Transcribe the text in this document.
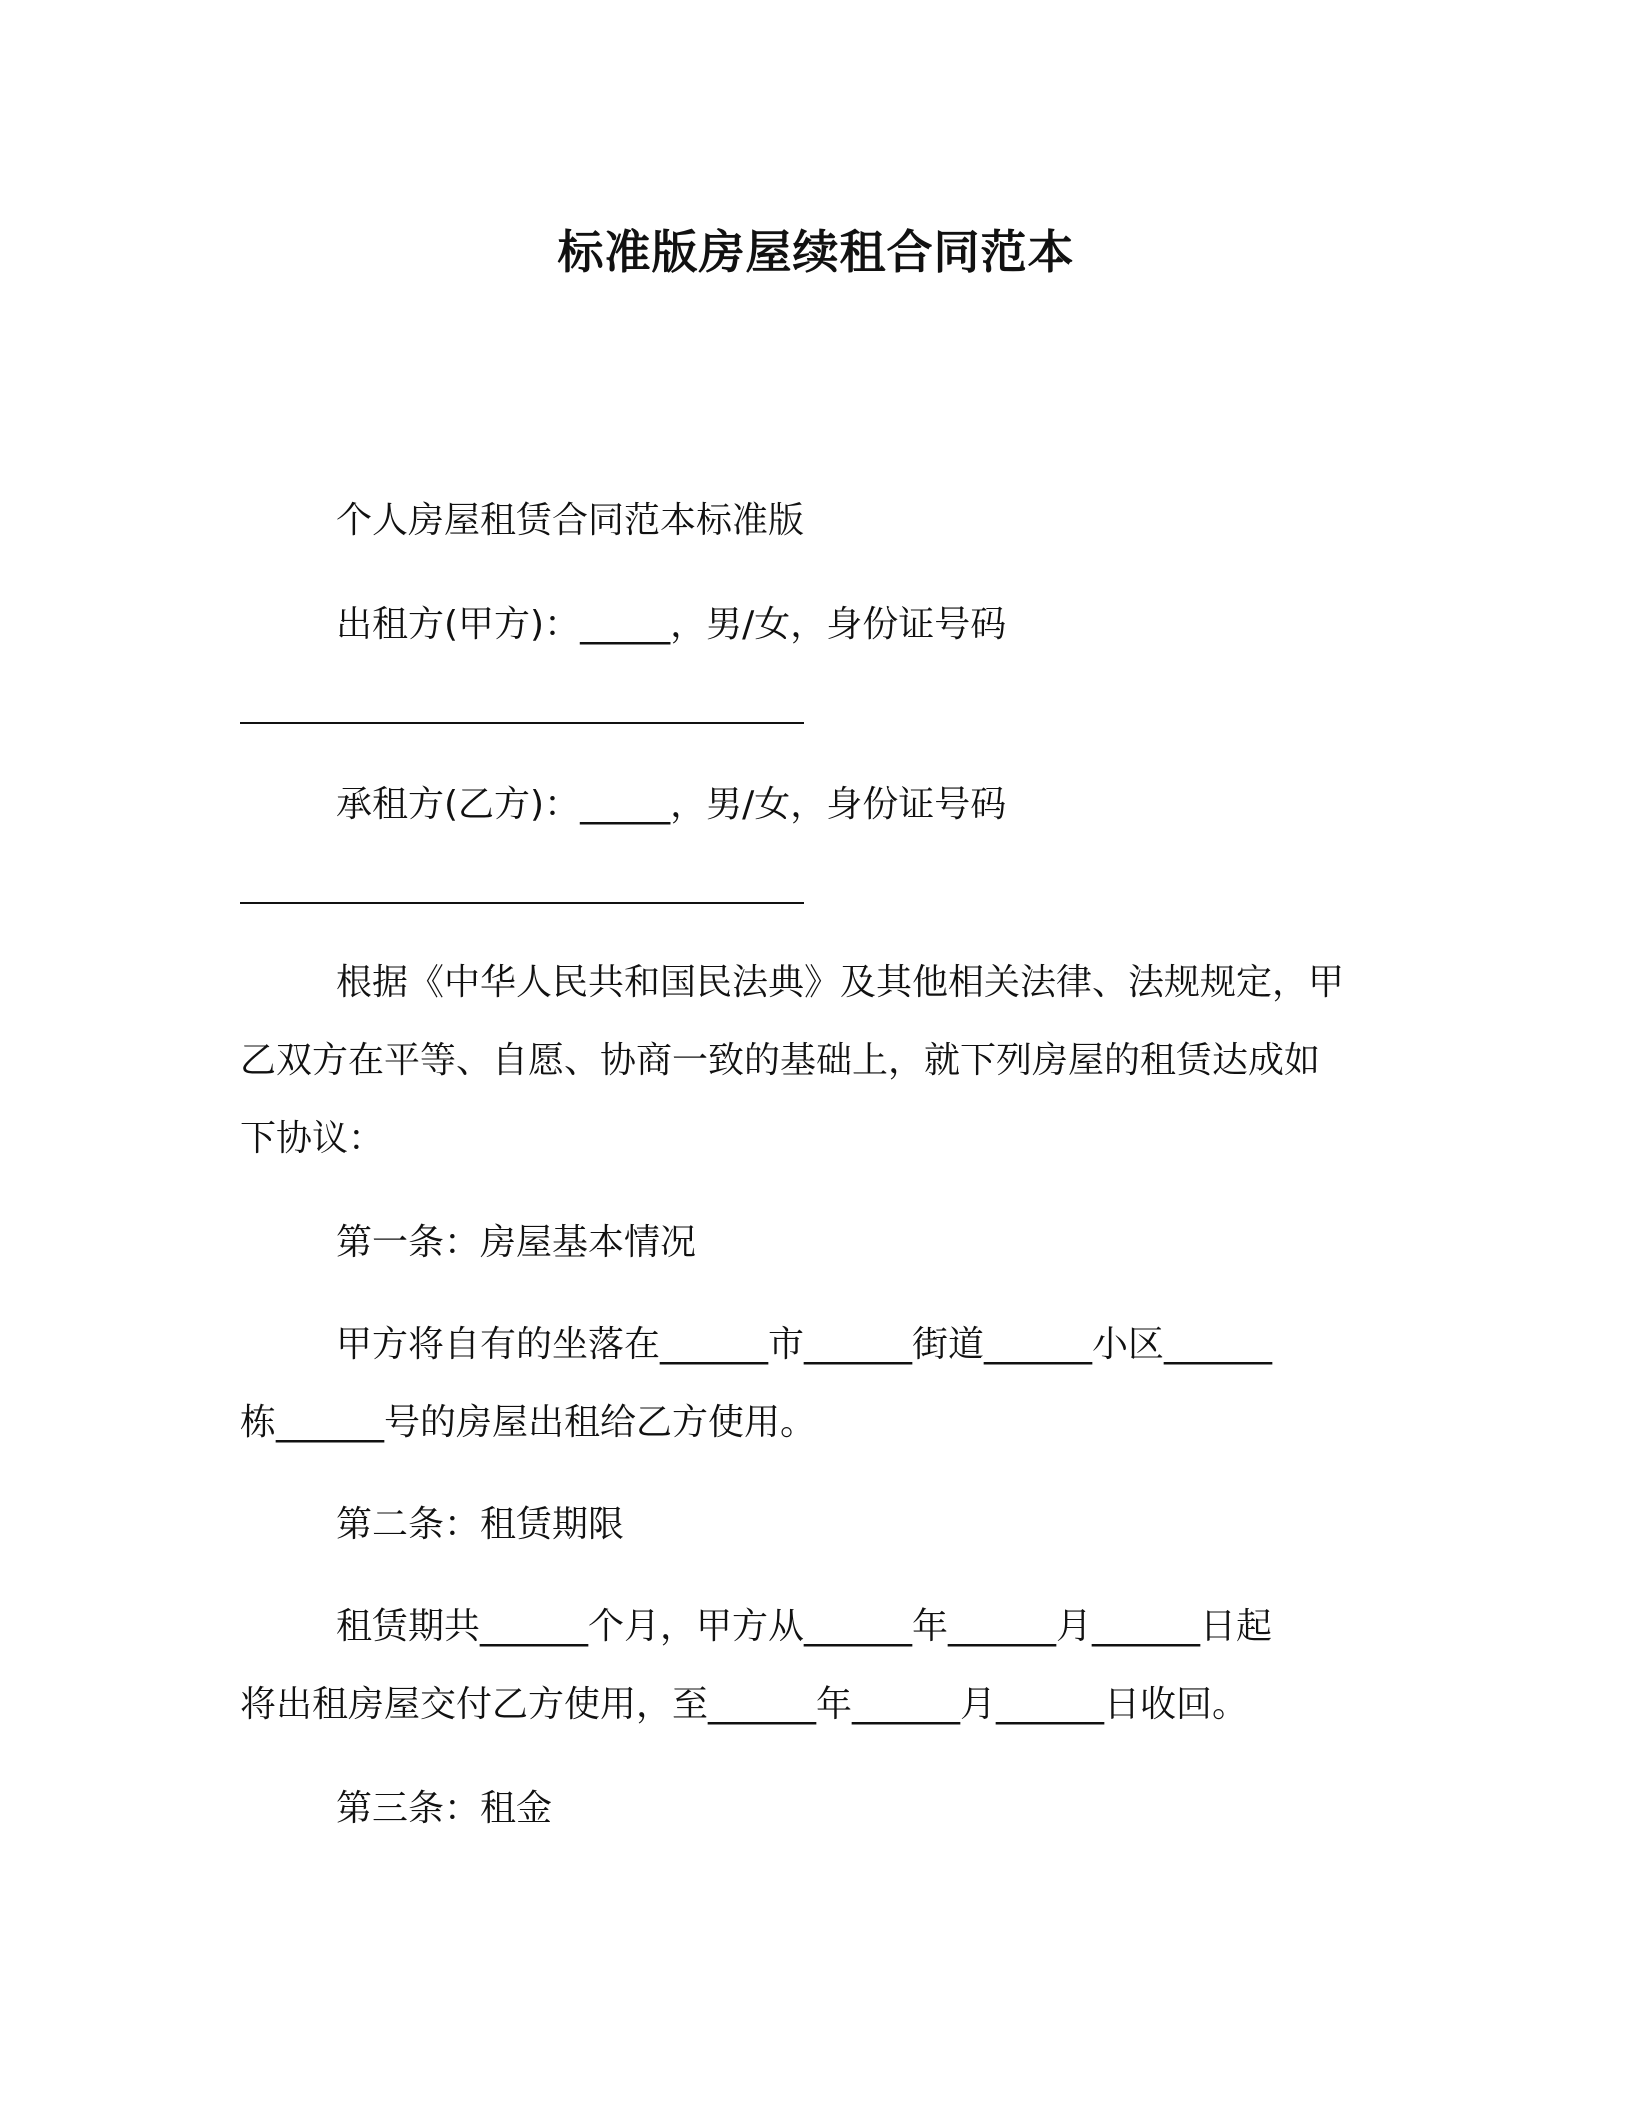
标准版房屋续租合同范本
个人房屋租赁合同范本标准版
出租方(甲方)：_____，男/女，身份证号码
承租方(乙方)：_____，男/女，身份证号码
根据《中华人民共和国民法典》及其他相关法律、法规规定，甲
乙双方在平等、自愿、协商一致的基础上，就下列房屋的租赁达成如
下协议：
第一条：房屋基本情况
甲方将自有的坐落在______市______街道______小区______
栋______号的房屋出租给乙方使用。
第二条：租赁期限
租赁期共______个月，甲方从______年______月______日起
将出租房屋交付乙方使用，至______年______月______日收回。
第三条：租金
